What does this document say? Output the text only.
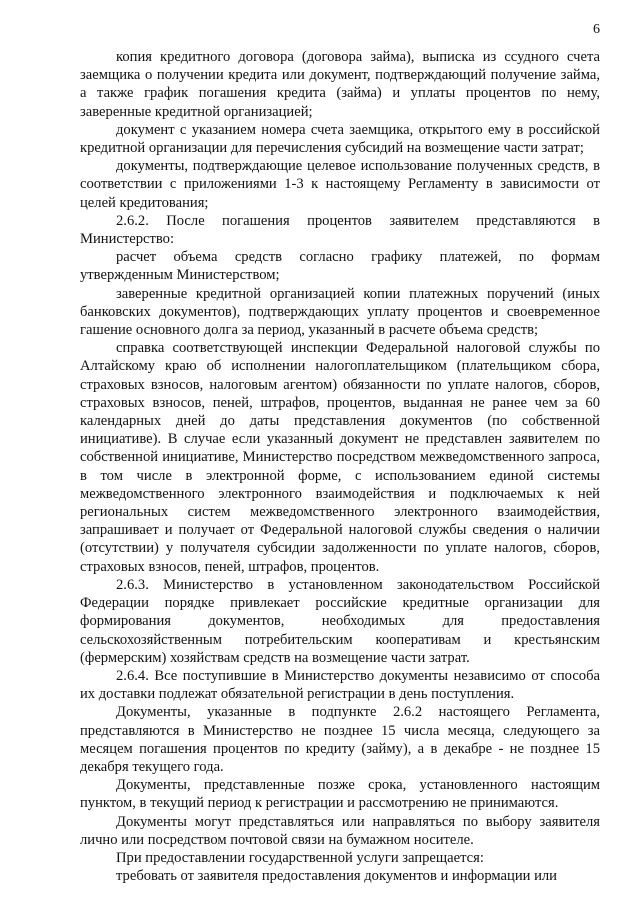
6

копия кредитного договора (договора займа), выписка из ссудного счета заемщика о получении кредита или документ, подтверждающий получение займа, а также график погашения кредита (займа) и уплаты процентов по нему, заверенные кредитной организацией;

документ с указанием номера счета заемщика, открытого ему в российской кредитной организации для перечисления субсидий на возмещение части затрат;

документы, подтверждающие целевое использование полученных средств, в соответствии с приложениями 1-3 к настоящему Регламенту в зависимости от целей кредитования;

2.6.2. После погашения процентов заявителем представляются в Министерство:

расчет объема средств согласно графику платежей, по формам утвержденным Министерством;

заверенные кредитной организацией копии платежных поручений (иных банковских документов), подтверждающих уплату процентов и своевременное гашение основного долга за период, указанный в расчете объема средств;

справка соответствующей инспекции Федеральной налоговой службы по Алтайскому краю об исполнении налогоплательщиком (плательщиком сбора, страховых взносов, налоговым агентом) обязанности по уплате налогов, сборов, страховых взносов, пеней, штрафов, процентов, выданная не ранее чем за 60 календарных дней до даты представления документов (по собственной инициативе). В случае если указанный документ не представлен заявителем по собственной инициативе, Министерство посредством межведомственного запроса, в том числе в электронной форме, с использованием единой системы межведомственного электронного взаимодействия и подключаемых к ней региональных систем межведомственного электронного взаимодействия, запрашивает и получает от Федеральной налоговой службы сведения о наличии (отсутствии) у получателя субсидии задолженности по уплате налогов, сборов, страховых взносов, пеней, штрафов, процентов.

2.6.3. Министерство в установленном законодательством Российской Федерации порядке привлекает российские кредитные организации для формирования документов, необходимых для предоставления сельскохозяйственным потребительским кооперативам и крестьянским (фермерским) хозяйствам средств на возмещение части затрат.

2.6.4. Все поступившие в Министерство документы независимо от способа их доставки подлежат обязательной регистрации в день поступления.

Документы, указанные в подпункте 2.6.2 настоящего Регламента, представляются в Министерство не позднее 15 числа месяца, следующего за месяцем погашения процентов по кредиту (займу), а в декабре - не позднее 15 декабря текущего года.

Документы, представленные позже срока, установленного настоящим пунктом, в текущий период к регистрации и рассмотрению не принимаются.

Документы могут представляться или направляться по выбору заявителя лично или посредством почтовой связи на бумажном носителе.

При предоставлении государственной услуги запрещается:

требовать от заявителя предоставления документов и информации или
